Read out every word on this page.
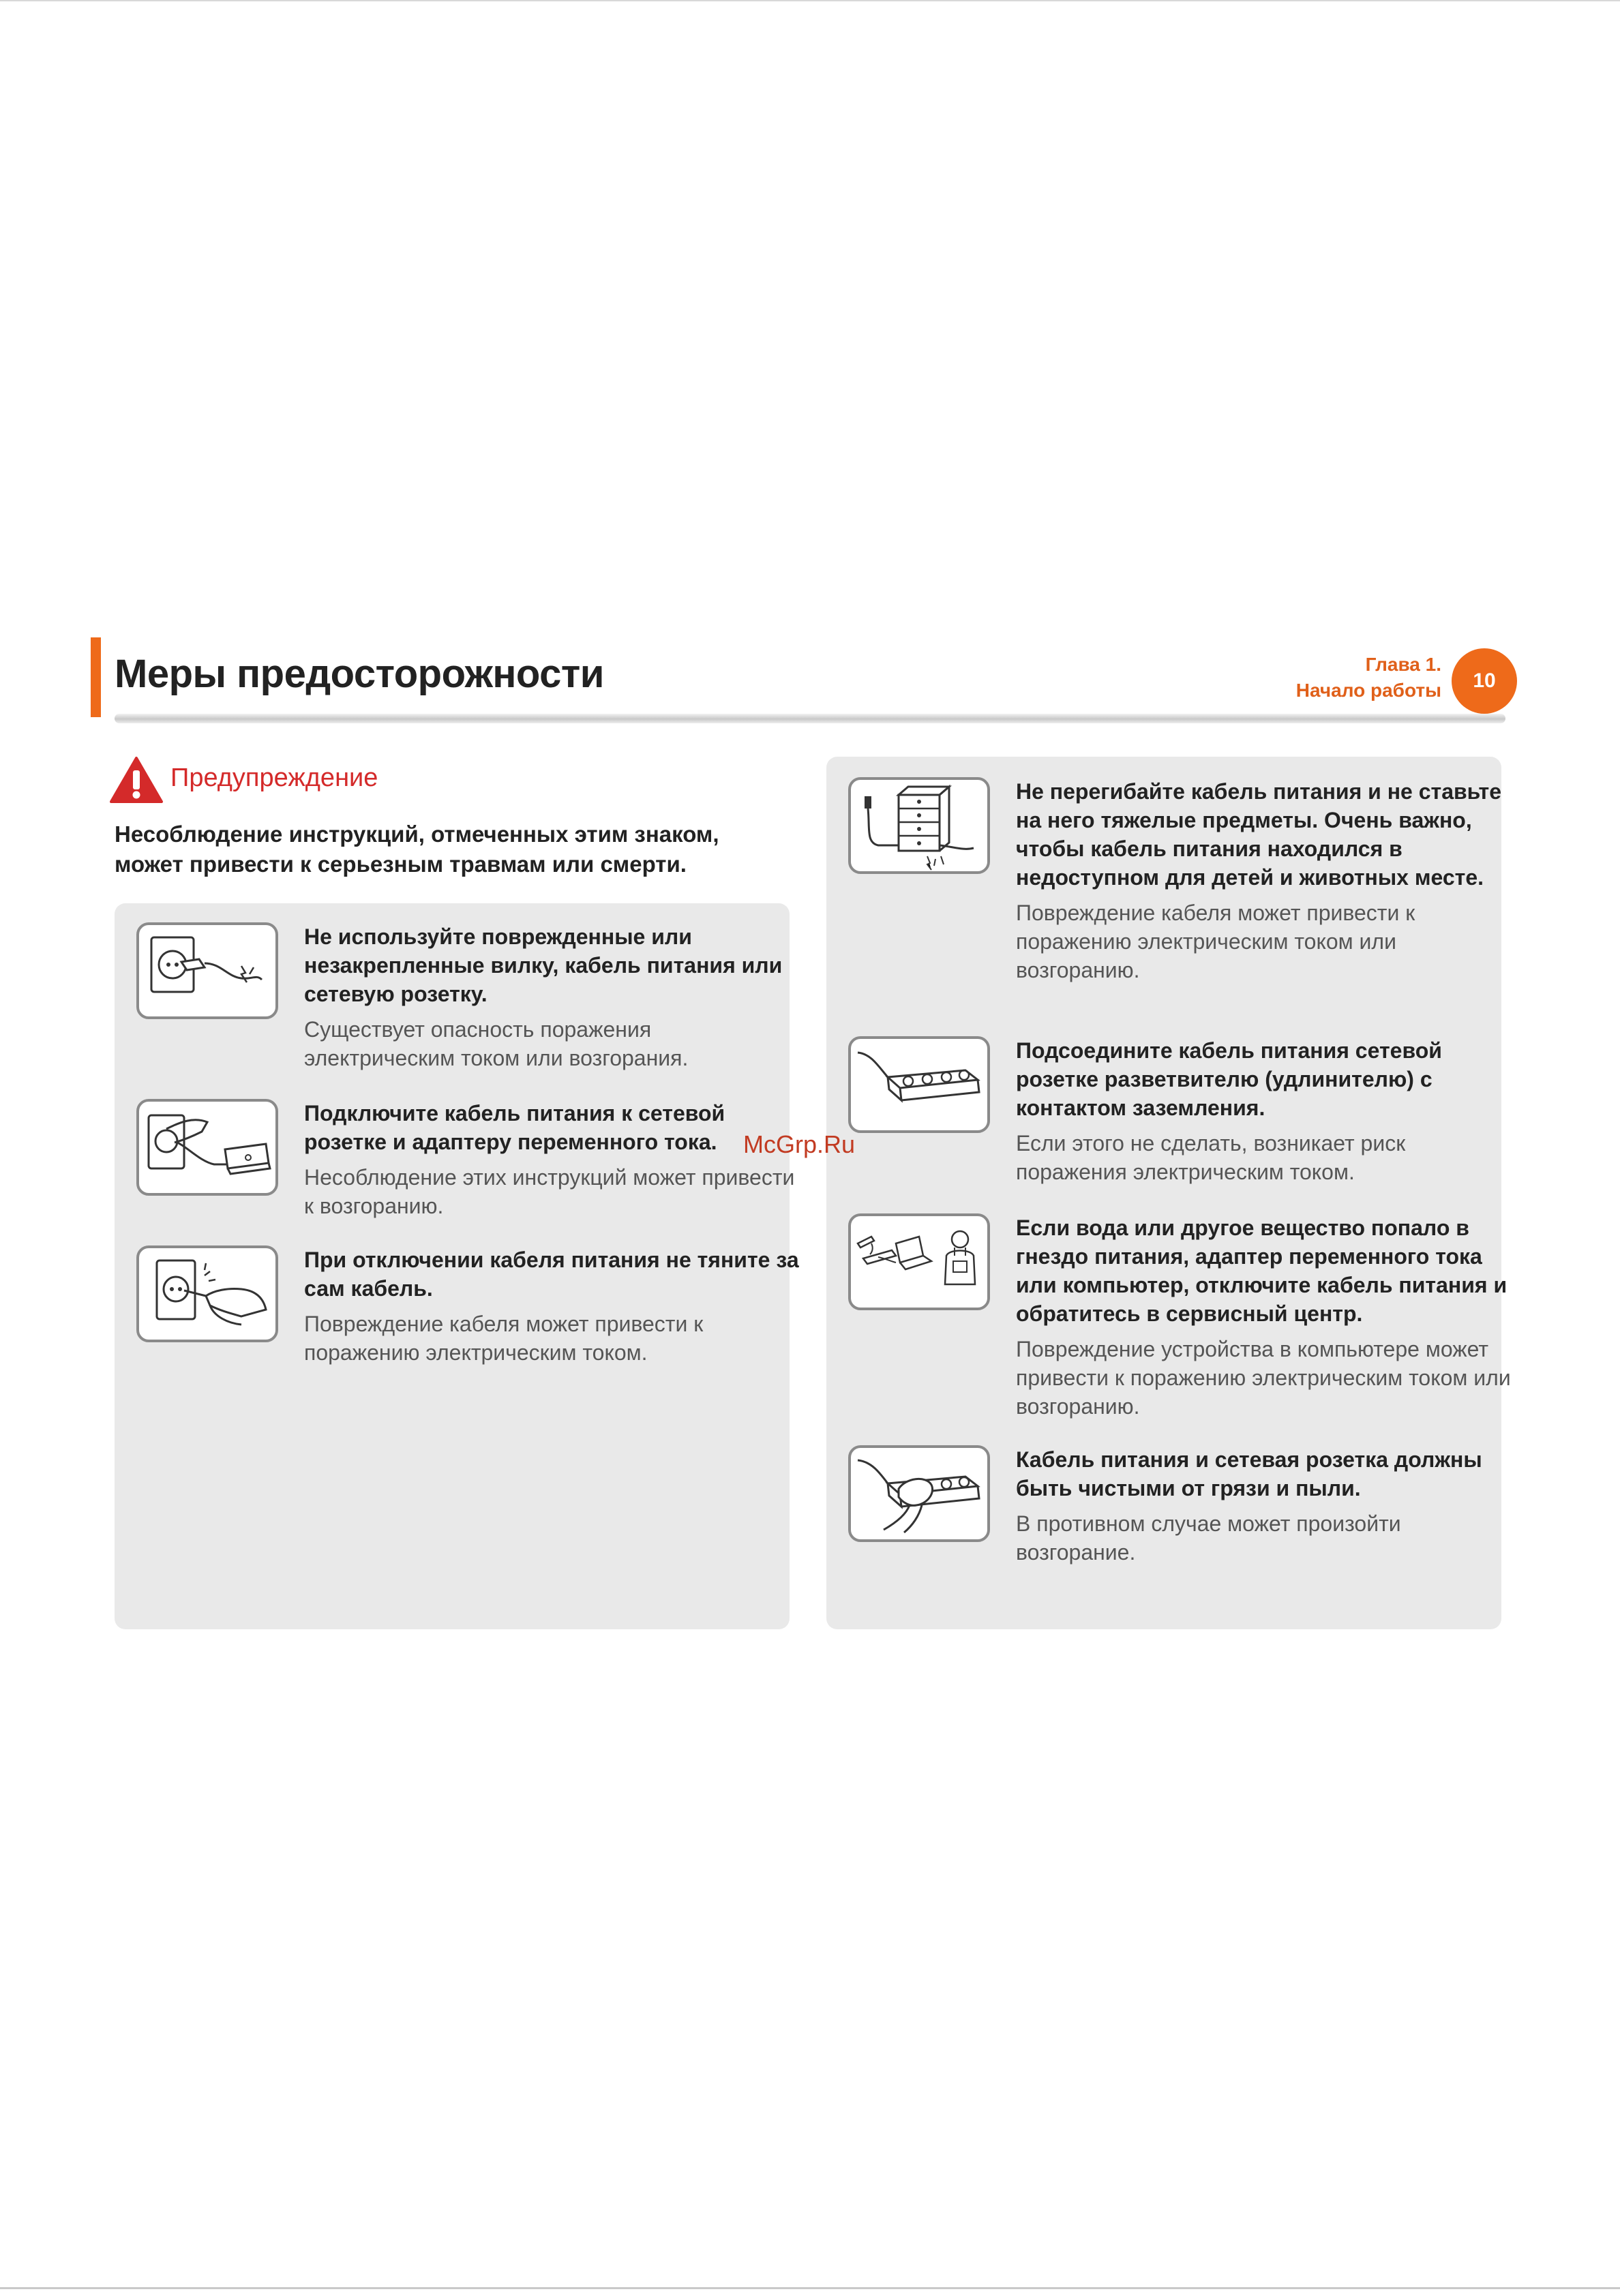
Меры предосторожности	Глава 1.
Начало работы	10
Предупреждение
Несоблюдение инструкций, отмеченных этим знаком, может привести к серьезным травмам или смерти.
Не используйте поврежденные или незакрепленные вилку, кабель питания или сетевую розетку.
Существует опасность поражения электрическим током или возгорания.
Подключите кабель питания к сетевой розетке и адаптеру переменного тока.
Несоблюдение этих инструкций может привести к возгоранию.
При отключении кабеля питания не тяните за сам кабель.
Повреждение кабеля может привести к поражению электрическим током.
Не перегибайте кабель питания и не ставьте на него тяжелые предметы. Очень важно, чтобы кабель питания находился в недоступном для детей и животных месте.
Повреждение кабеля может привести к поражению электрическим током или возгоранию.
Подсоедините кабель питания сетевой розетке разветвителю (удлинителю) с контактом заземления.
Если этого не сделать, возникает риск поражения электрическим током.
Если вода или другое вещество попало в гнездо питания, адаптер переменного тока или компьютер, отключите кабель питания и обратитесь в сервисный центр.
Повреждение устройства в компьютере может привести к поражению электрическим током или возгоранию.
Кабель питания и сетевая розетка должны быть чистыми от грязи и пыли.
В противном случае может произойти возгорание.
McGrp.Ru
